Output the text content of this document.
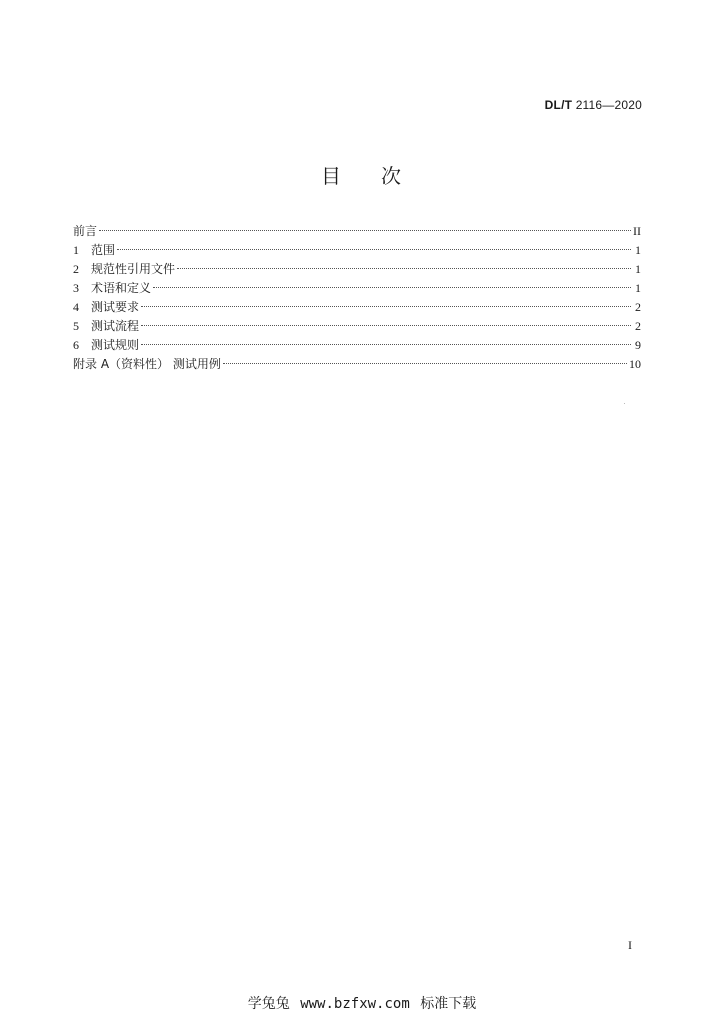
DL/T 2116—2020
目 次
前言	II
1	范围	1
2	规范性引用文件	1
3	术语和定义	1
4	测试要求	2
5	测试流程	2
6	测试规则	9
附录 A（资料性） 测试用例	10
I
学兔兔 www.bzfxw.com 标准下载
